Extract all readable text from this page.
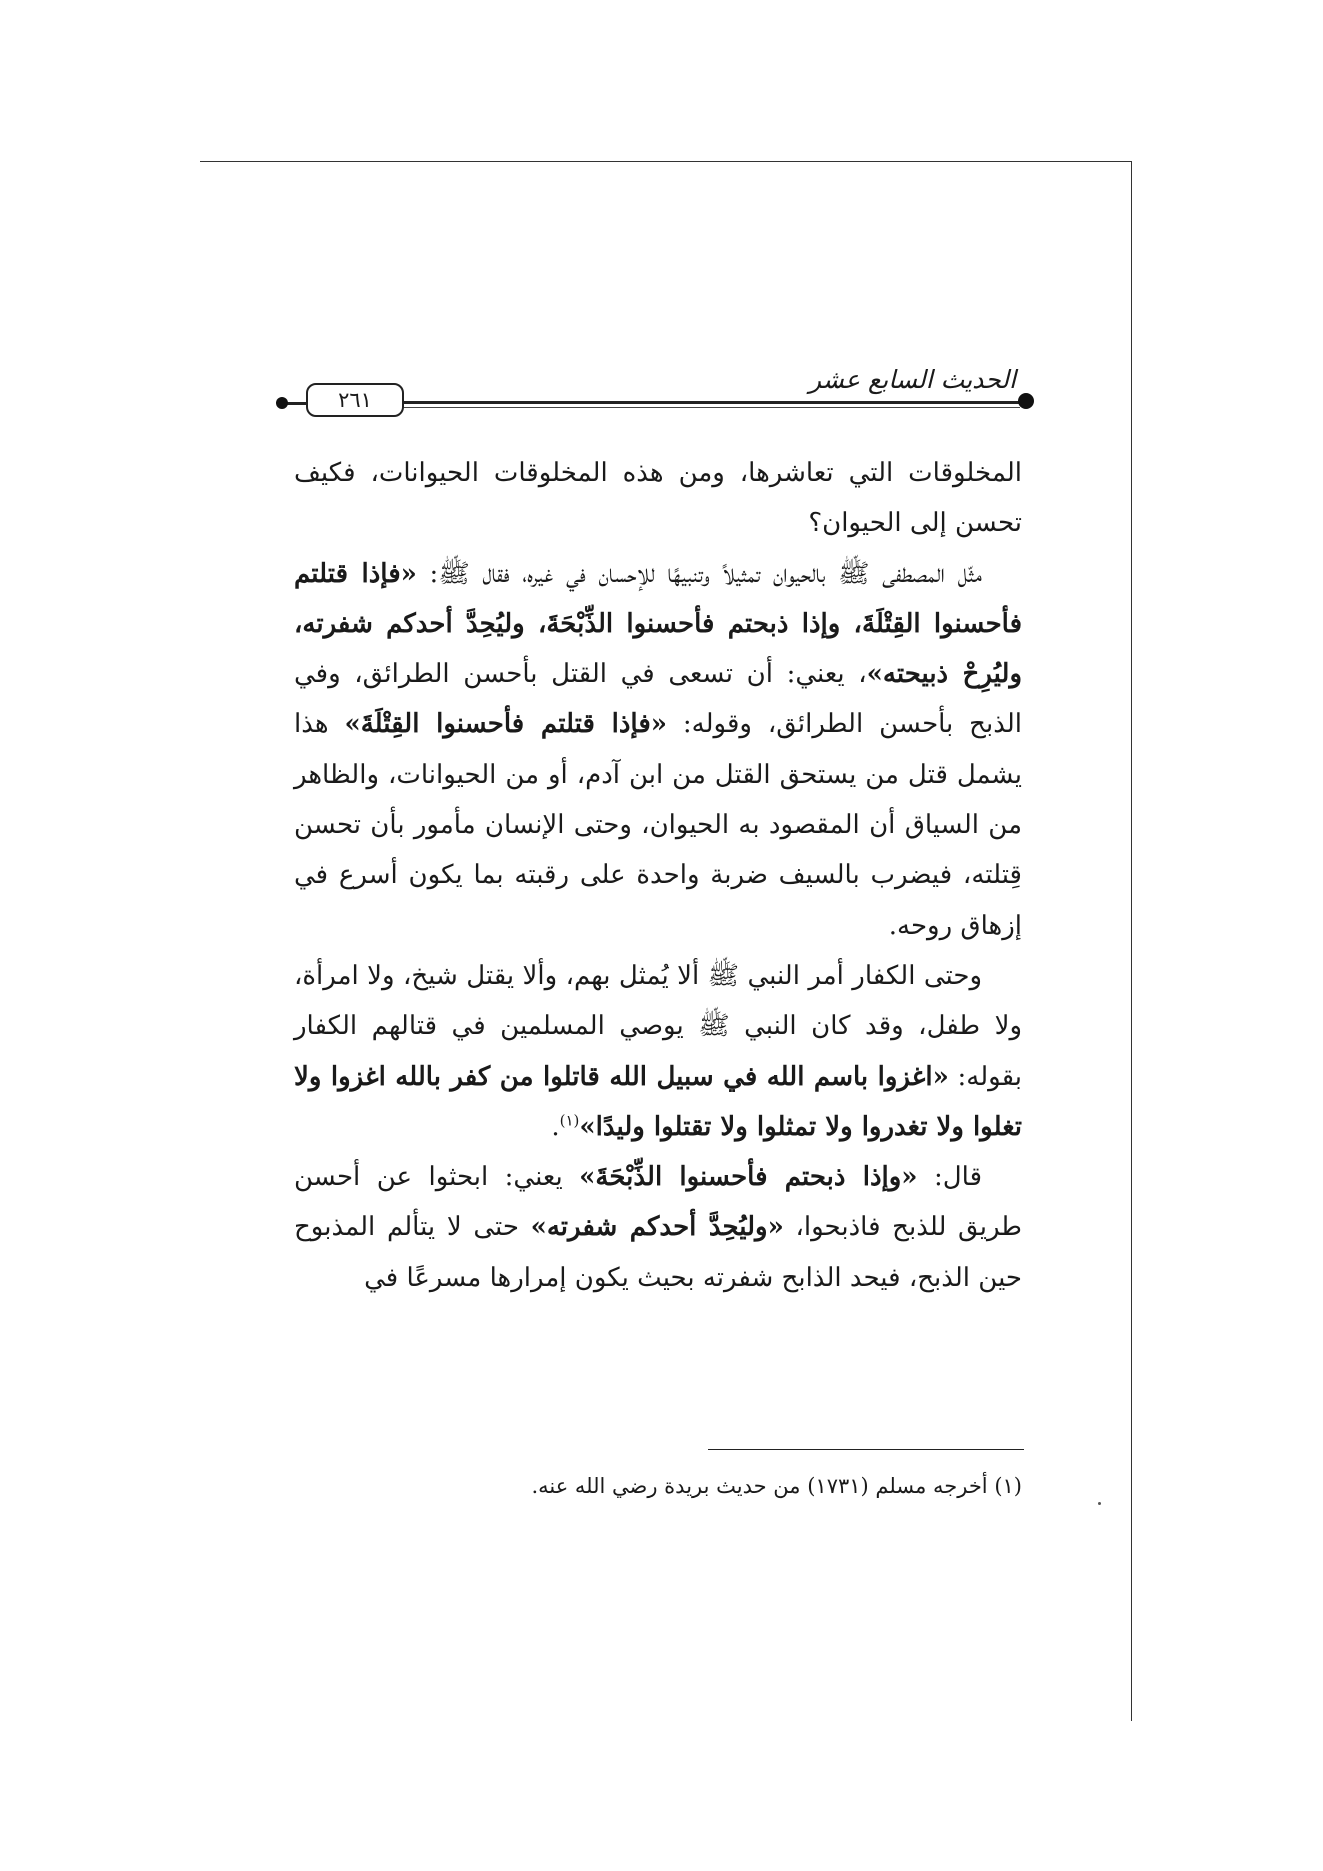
٢٦١
الحديث السابع عشر

المخلوقات التي تعاشرها، ومن هذه المخلوقات الحيوانات، فكيف تحسن إلى الحيوان؟

مثّل المصطفى ﷺ بالحيوان تمثيلاً وتنبيهًا للإحسان في غيره، فقال ﷺ: «فإذا قتلتم فأحسنوا القِتْلَةَ، وإذا ذبحتم فأحسنوا الذِّبْحَةَ، وليُحِدَّ أحدكم شفرته، وليُرِحْ ذبيحته»، يعني: أن تسعى في القتل بأحسن الطرائق، وفي الذبح بأحسن الطرائق، وقوله: «فإذا قتلتم فأحسنوا القِتْلَةَ» هذا يشمل قتل من يستحق القتل من ابن آدم، أو من الحيوانات، والظاهر من السياق أن المقصود به الحيوان، وحتى الإنسان مأمور بأن تحسن قِتلته، فيضرب بالسيف ضربة واحدة على رقبته بما يكون أسرع في إزهاق روحه.

وحتى الكفار أمر النبي ﷺ ألا يُمثل بهم، وألا يقتل شيخ، ولا امرأة، ولا طفل، وقد كان النبي ﷺ يوصي المسلمين في قتالهم الكفار بقوله: «اغزوا باسم الله في سبيل الله قاتلوا من كفر بالله اغزوا ولا تغلوا ولا تغدروا ولا تمثلوا ولا تقتلوا وليدًا»$^{(١)}$.

قال: «وإذا ذبحتم فأحسنوا الذِّبْحَةَ» يعني: ابحثوا عن أحسن طريق للذبح فاذبحوا، «وليُحِدَّ أحدكم شفرته» حتى لا يتألم المذبوح حين الذبح، فيحد الذابح شفرته بحيث يكون إمرارها مسرعًا في

(١) أخرجه مسلم (١٧٣١) من حديث بريدة رضي الله عنه.
